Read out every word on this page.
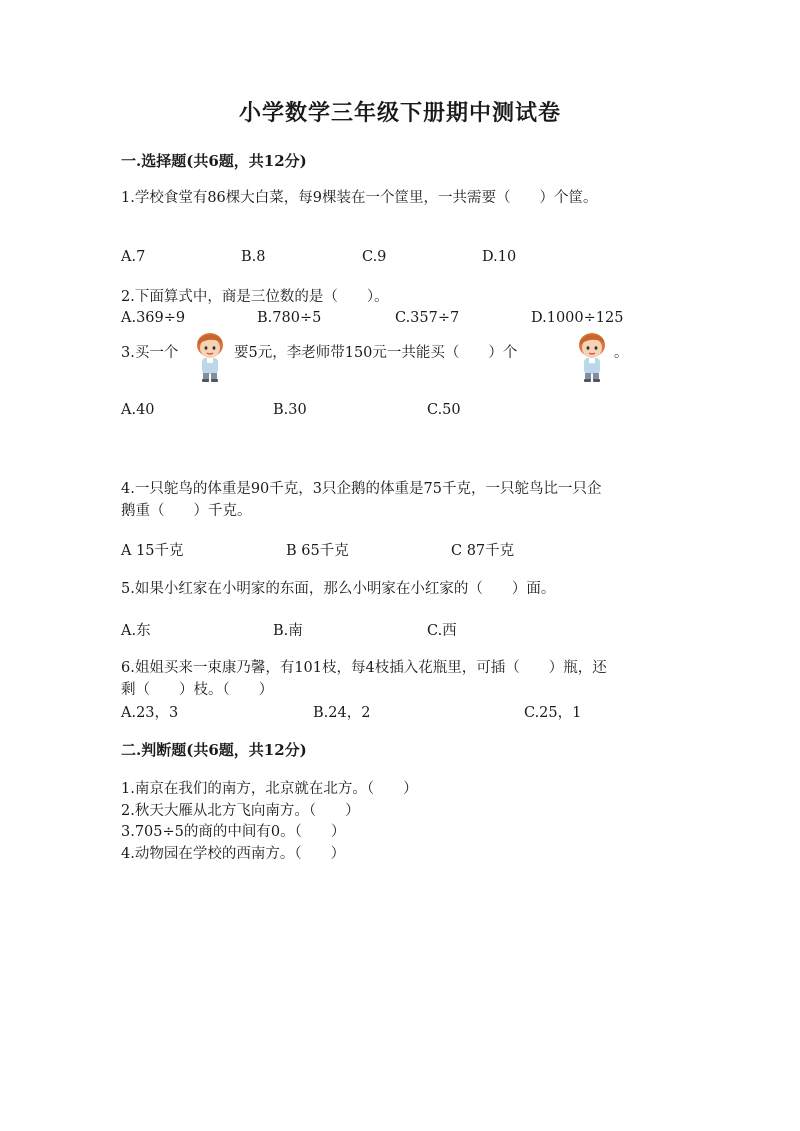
小学数学三年级下册期中测试卷
一.选择题(共6题，共12分)
1.学校食堂有86棵大白菜，每9棵装在一个筐里，一共需要（　　）个筐。
A.7	B.8	C.9	D.10
2.下面算式中，商是三位数的是（　　）。
A.369÷9	B.780÷5	C.357÷7	D.1000÷125
3.买一个	要5元，李老师带150元一共能买（　　）个	。
A.40	B.30	C.50
4.一只鸵鸟的体重是90千克，3只企鹅的体重是75千克，一只鸵鸟比一只企
鹅重（　　）千克。
A 15千克	B 65千克	C 87千克
5.如果小红家在小明家的东面，那么小明家在小红家的（　　）面。
A.东	B.南	C.西
6.姐姐买来一束康乃馨，有101枝，每4枝插入花瓶里，可插（　　）瓶，还
剩（　　）枝。（　　）
A.23，3	B.24，2	C.25，1
二.判断题(共6题，共12分)
1.南京在我们的南方，北京就在北方。（　　）
2.秋天大雁从北方飞向南方。（　　）
3.705÷5的商的中间有0。（　　）
4.动物园在学校的西南方。（　　）
